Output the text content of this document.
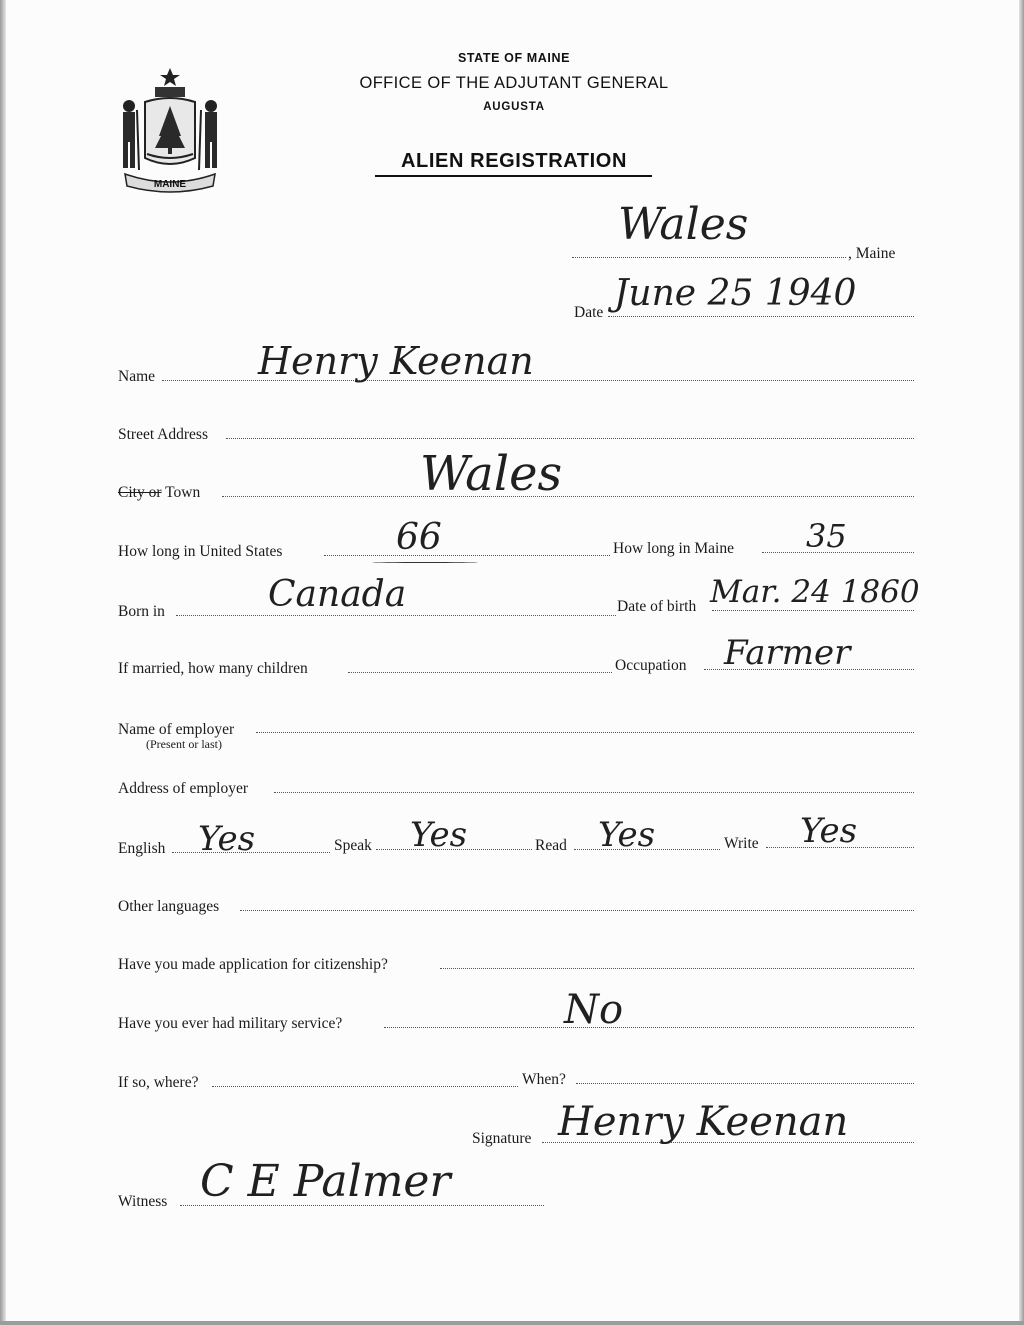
MAINE
STATE OF MAINE
OFFICE OF THE ADJUTANT GENERAL
AUGUSTA
ALIEN REGISTRATION
Wales
, Maine
Date June 25 1940
Name	Henry Keenan
Street Address
City or Town	Wales
How long in United States	66	How long in Maine 35
Born in	Canada	Date of birth Mar. 24 1860
If married, how many children	Occupation Farmer
Name of employer
(Present or last)
Address of employer
English Yes	Speak Yes	Read Yes	Write Yes
Other languages
Have you made application for citizenship?
Have you ever had military service?	No
If so, where?	When?
Signature Henry Keenan
Witness C E Palmer
